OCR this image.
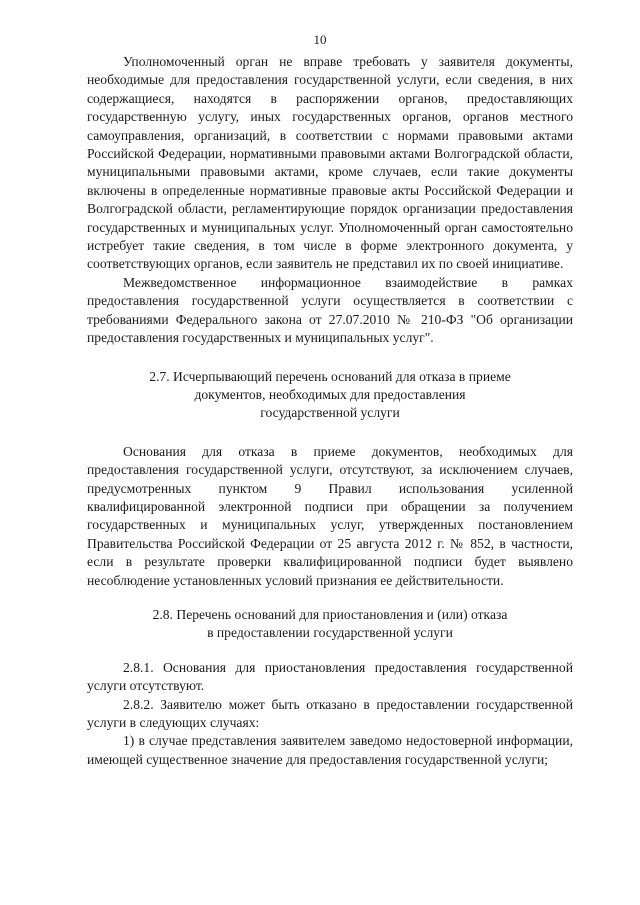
10

Уполномоченный орган не вправе требовать у заявителя документы, необходимые для предоставления государственной услуги, если сведения, в них содержащиеся, находятся в распоряжении органов, предоставляющих государственную услугу, иных государственных органов, органов местного самоуправления, организаций, в соответствии с нормами правовыми актами Российской Федерации, нормативными правовыми актами Волгоградской области, муниципальными правовыми актами, кроме случаев, если такие документы включены в определенные нормативные правовые акты Российской Федерации и Волгоградской области, регламентирующие порядок организации предоставления государственных и муниципальных услуг. Уполномоченный орган самостоятельно истребует такие сведения, в том числе в форме электронного документа, у соответствующих органов, если заявитель не представил их по своей инициативе.

Межведомственное информационное взаимодействие в рамках предоставления государственной услуги осуществляется в соответствии с требованиями Федерального закона от 27.07.2010 № 210-ФЗ "Об организации предоставления государственных и муниципальных услуг".

2.7. Исчерпывающий перечень оснований для отказа в приеме

документов, необходимых для предоставления

государственной услуги

Основания для отказа в приеме документов, необходимых для предоставления государственной услуги, отсутствуют, за исключением случаев, предусмотренных пунктом 9 Правил использования усиленной квалифицированной электронной подписи при обращении за получением государственных и муниципальных услуг, утвержденных постановлением Правительства Российской Федерации от 25 августа 2012 г. № 852, в частности, если в результате проверки квалифицированной подписи будет выявлено несоблюдение установленных условий признания ее действительности.

2.8. Перечень оснований для приостановления и (или) отказа

в предоставлении государственной услуги

2.8.1. Основания для приостановления предоставления государственной услуги отсутствуют.

2.8.2. Заявителю может быть отказано в предоставлении государственной услуги в следующих случаях:

1) в случае представления заявителем заведомо недостоверной информации, имеющей существенное значение для предоставления государственной услуги;
